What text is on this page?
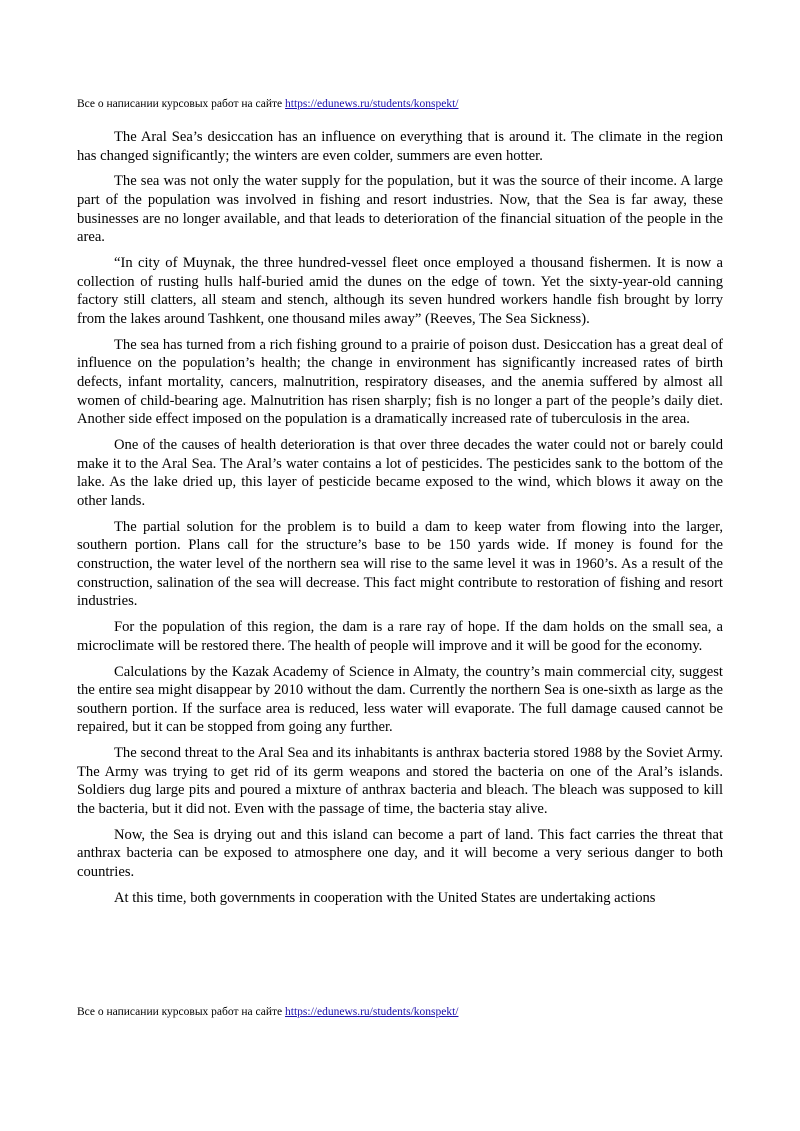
Все о написании курсовых работ на сайте https://edunews.ru/students/konspekt/

The Aral Sea’s desiccation has an influence on everything that is around it. The climate in the region has changed significantly; the winters are even colder, summers are even hotter.

The sea was not only the water supply for the population, but it was the source of their income. A large part of the population was involved in fishing and resort industries. Now, that the Sea is far away, these businesses are no longer available, and that leads to deterioration of the financial situation of the people in the area.

“In city of Muynak, the three hundred-vessel fleet once employed a thousand fishermen. It is now a collection of rusting hulls half-buried amid the dunes on the edge of town. Yet the sixty-year-old canning factory still clatters, all steam and stench, although its seven hundred workers handle fish brought by lorry from the lakes around Tashkent, one thousand miles away” (Reeves, The Sea Sickness).

The sea has turned from a rich fishing ground to a prairie of poison dust. Desiccation has a great deal of influence on the population’s health; the change in environment has significantly increased rates of birth defects, infant mortality, cancers, malnutrition, respiratory diseases, and the anemia suffered by almost all women of child-bearing age. Malnutrition has risen sharply; fish is no longer a part of the people’s daily diet. Another side effect imposed on the population is a dramatically increased rate of tuberculosis in the area.

One of the causes of health deterioration is that over three decades the water could not or barely could make it to the Aral Sea. The Aral’s water contains a lot of pesticides. The pesticides sank to the bottom of the lake. As the lake dried up, this layer of pesticide became exposed to the wind, which blows it away on the other lands.

The partial solution for the problem is to build a dam to keep water from flowing into the larger, southern portion. Plans call for the structure’s base to be 150 yards wide. If money is found for the construction, the water level of the northern sea will rise to the same level it was in 1960’s. As a result of the construction, salination of the sea will decrease. This fact might contribute to restoration of fishing and resort industries.

For the population of this region, the dam is a rare ray of hope. If the dam holds on the small sea, a microclimate will be restored there. The health of people will improve and it will be good for the economy.

Calculations by the Kazak Academy of Science in Almaty, the country’s main commercial city, suggest the entire sea might disappear by 2010 without the dam. Currently the northern Sea is one-sixth as large as the southern portion. If the surface area is reduced, less water will evaporate. The full damage caused cannot be repaired, but it can be stopped from going any further.

The second threat to the Aral Sea and its inhabitants is anthrax bacteria stored 1988 by the Soviet Army. The Army was trying to get rid of its germ weapons and stored the bacteria on one of the Aral’s islands. Soldiers dug large pits and poured a mixture of anthrax bacteria and bleach. The bleach was supposed to kill the bacteria, but it did not. Even with the passage of time, the bacteria stay alive.

Now, the Sea is drying out and this island can become a part of land. This fact carries the threat that anthrax bacteria can be exposed to atmosphere one day, and it will become a very serious danger to both countries.

At this time, both governments in cooperation with the United States are undertaking actions

Все о написании курсовых работ на сайте https://edunews.ru/students/konspekt/
